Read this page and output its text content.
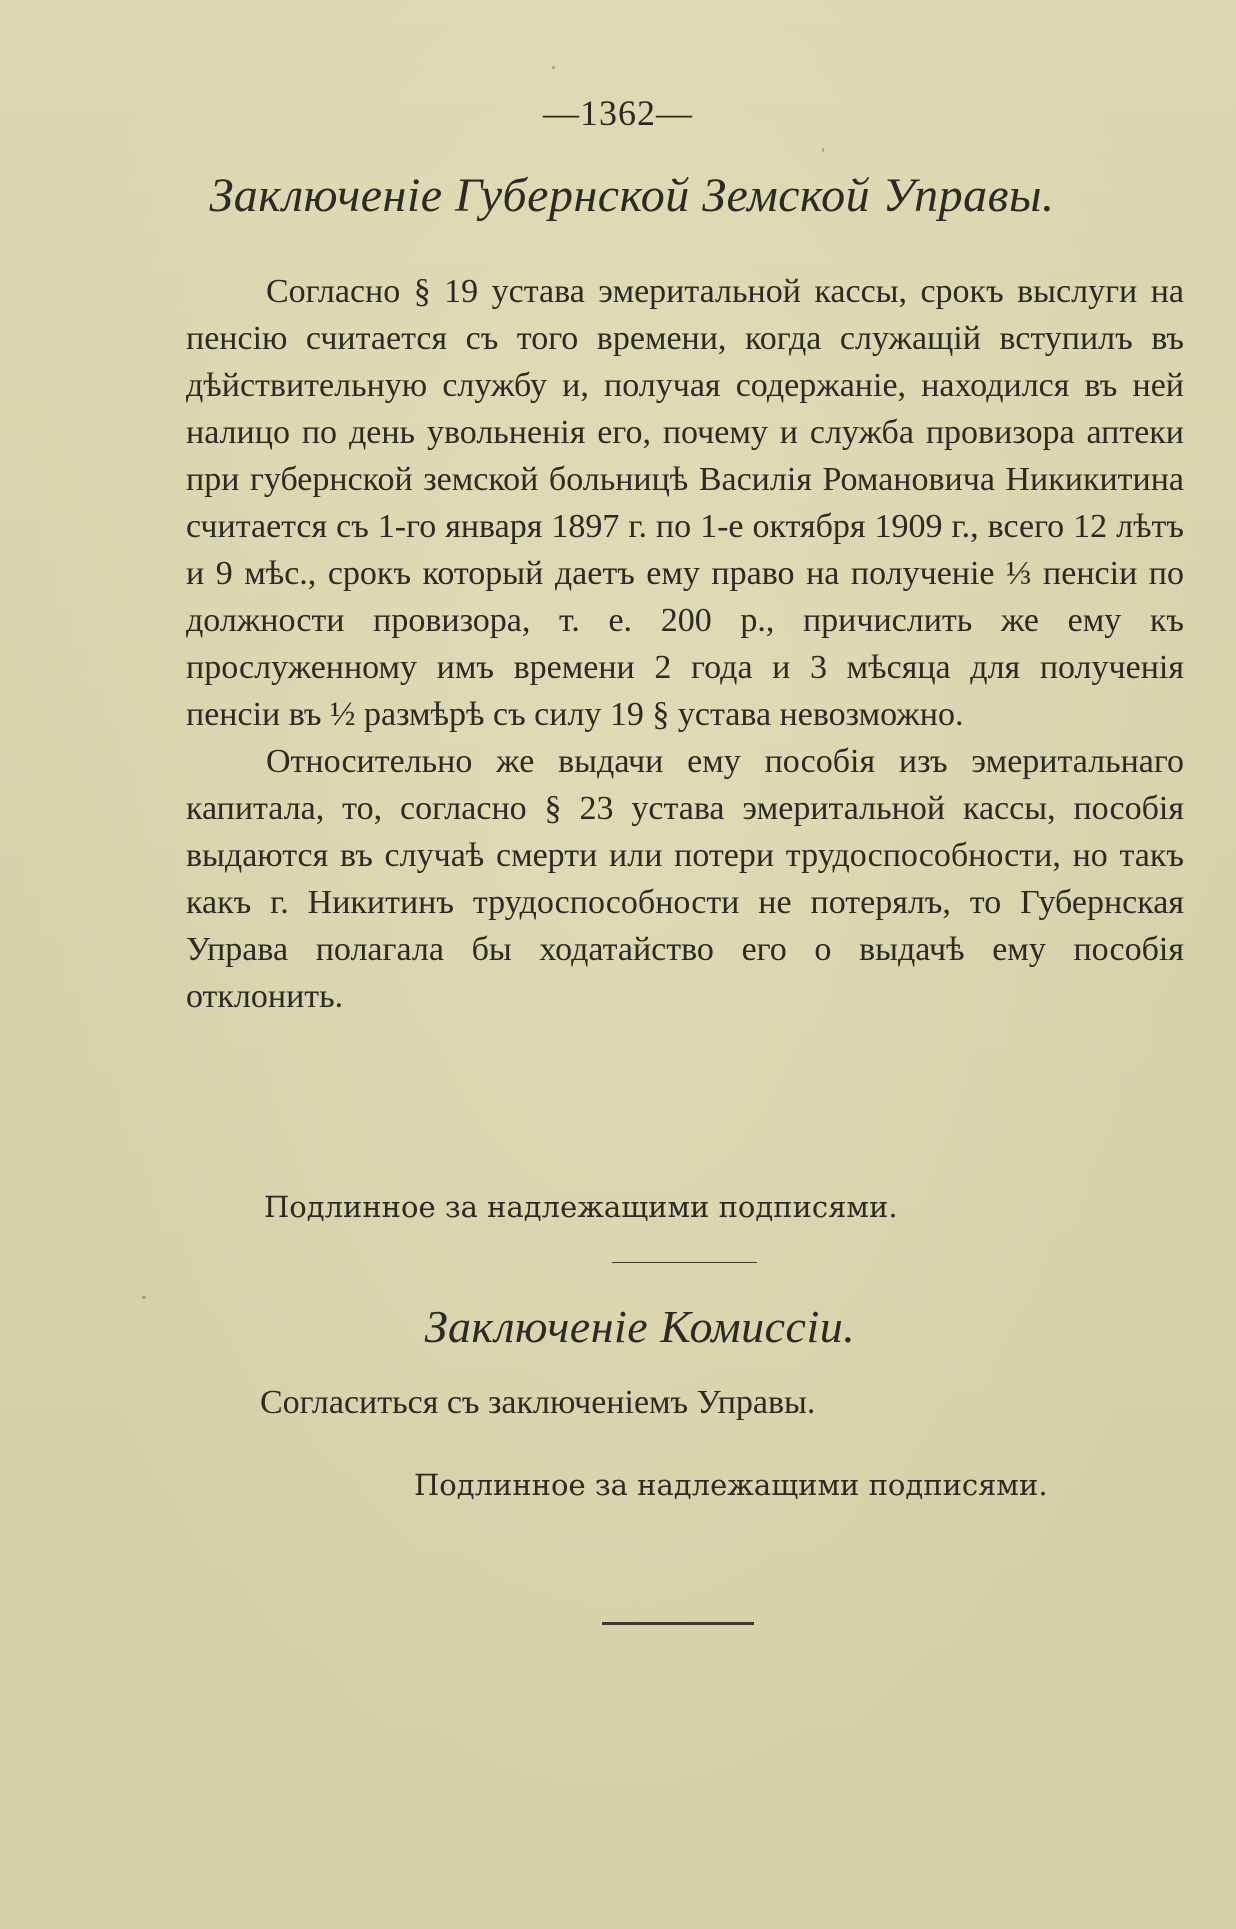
—1362—
Заключеніе Губернской Земской Управы.

Согласно § 19 устава эмеритальной кассы, срокъ выслуги на пенсію считается съ того времени, когда служащій вступилъ въ дѣйствительную службу и, получая содержаніе, находился въ ней налицо по день увольненія его, почему и служба провизора аптеки при губернской земской больницѣ Василія Романовича Никикитина считается съ 1-го января 1897 г. по 1-е октября 1909 г., всего 12 лѣтъ и 9 мѣс., срокъ который даетъ ему право на полученіе ⅓ пенсіи по должности провизора, т. е. 200 р., причислить же ему къ прослуженному имъ времени 2 года и 3 мѣсяца для полученія пенсіи въ ½ размѣрѣ съ силу 19 § устава невозможно.

Относительно же выдачи ему пособія изъ эмеритальнаго капитала, то, согласно § 23 устава эмеритальной кассы, пособія выдаются въ случаѣ смерти или потери трудоспособности, но такъ какъ г. Никитинъ трудоспособности не потерялъ, то Губернская Управа полагала бы ходатайство его о выдачѣ ему пособія отклонить.

Подлинное за надлежащими подписями.
Заключеніе Комиссіи.
Согласиться съ заключеніемъ Управы.
Подлинное за надлежащими подписями.
